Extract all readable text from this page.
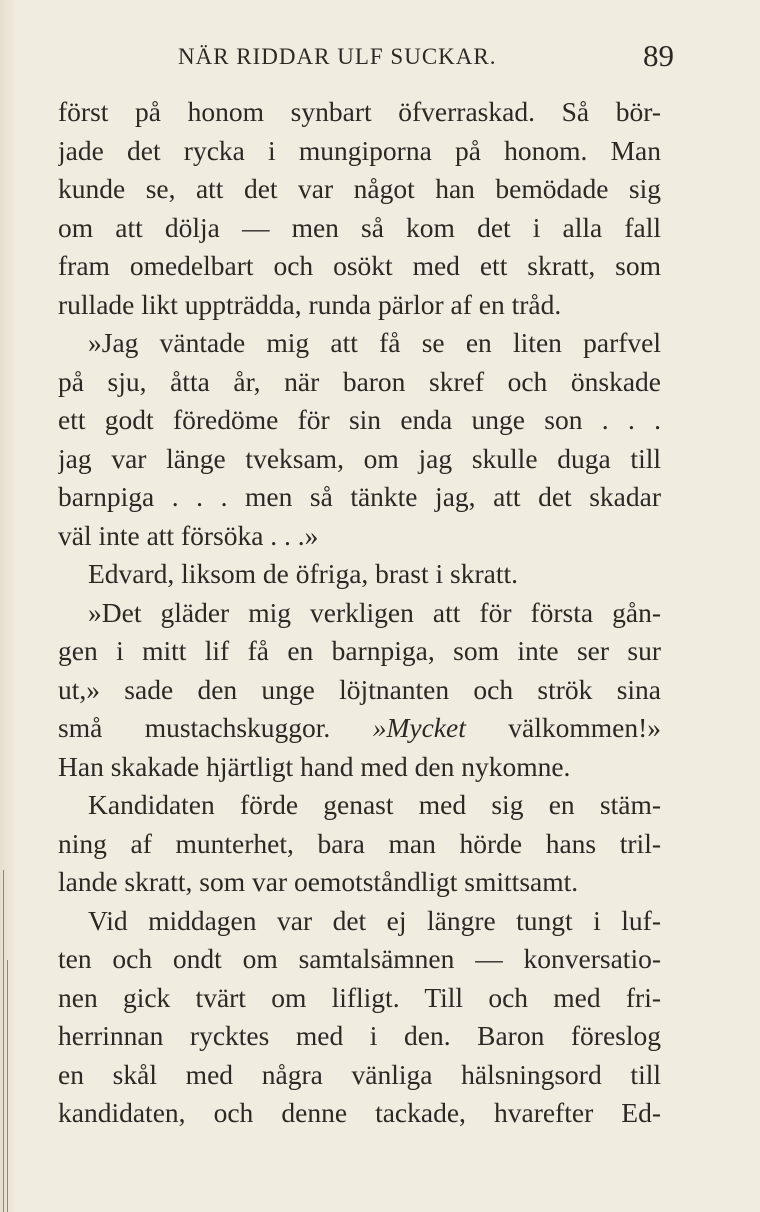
NÄR RIDDAR ULF SUCKAR.	89
först på honom synbart öfverraskad. Så bör-
jade det rycka i mungiporna på honom. Man
kunde se, att det var något han bemödade sig
om att dölja — men så kom det i alla fall
fram omedelbart och osökt med ett skratt, som
rullade likt uppträdda, runda pärlor af en tråd.
»Jag väntade mig att få se en liten parfvel
på sju, åtta år, när baron skref och önskade
ett godt föredöme för sin enda unge son . . .
jag var länge tveksam, om jag skulle duga till
barnpiga . . . men så tänkte jag, att det skadar
väl inte att försöka . . .»
Edvard, liksom de öfriga, brast i skratt.
»Det gläder mig verkligen att för första gån-
gen i mitt lif få en barnpiga, som inte ser sur
ut,» sade den unge löjtnanten och strök sina
små mustachskuggor. »Mycket välkommen!»
Han skakade hjärtligt hand med den nykomne.
Kandidaten förde genast med sig en stäm-
ning af munterhet, bara man hörde hans tril-
lande skratt, som var oemotståndligt smittsamt.
Vid middagen var det ej längre tungt i luf-
ten och ondt om samtalsämnen — konversatio-
nen gick tvärt om lifligt. Till och med fri-
herrinnan rycktes med i den. Baron föreslog
en skål med några vänliga hälsningsord till
kandidaten, och denne tackade, hvarefter Ed-
